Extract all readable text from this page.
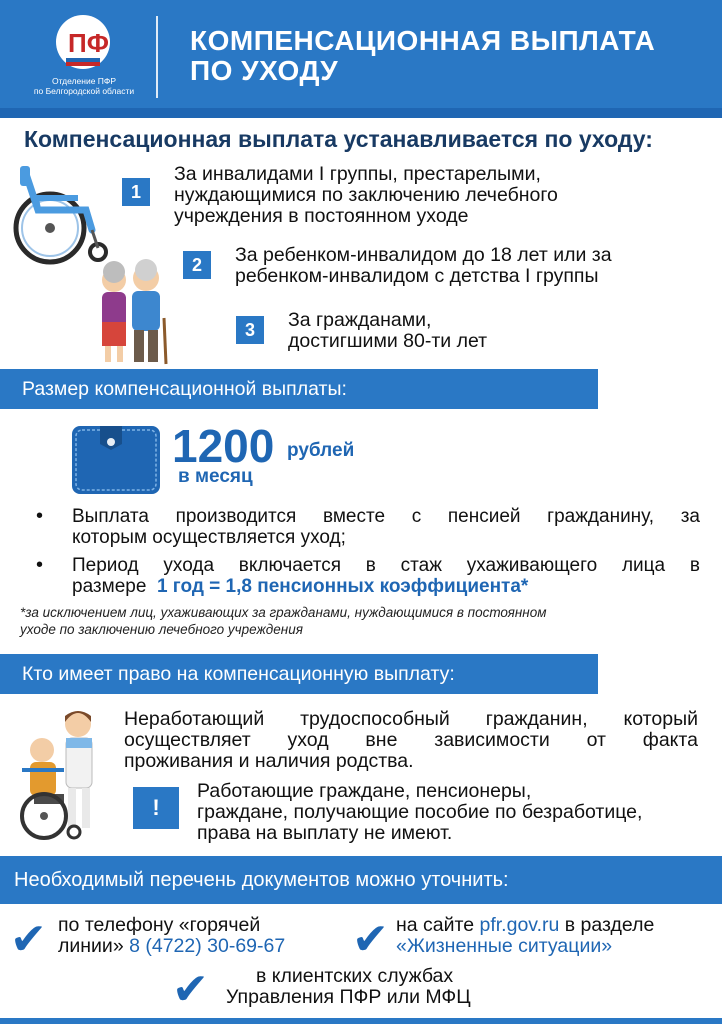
ПФ
Отделение ПФР
по Белгородской области
КОМПЕНСАЦИОННАЯ ВЫПЛАТА
ПО УХОДУ
Компенсационная выплата устанавливается по уходу:
1
За инвалидами I группы, престарелыми,
нуждающимися по заключению лечебного
учреждения в постоянном уходе
2	За ребенком-инвалидом до 18 лет или за
ребенком-инвалидом с детства I группы
3	За гражданами,
достигшими 80-ти лет
Размер компенсационной выплаты:
1200 рублей
в месяц
• Выплата производится вместе с пенсией гражданину, за
которым осуществляется уход;
• Период ухода включается в стаж ухаживающего лица в
размере  1 год = 1,8 пенсионных коэффициента*
*за исключением лиц, ухаживающих за гражданами, нуждающимися в постоянном
уходе по заключению лечебного учреждения
Кто имеет право на компенсационную выплату:
Неработающий трудоспособный гражданин, который
осуществляет уход вне зависимости от факта
проживания и наличия родства.
!
Работающие граждане, пенсионеры,
граждане, получающие пособие по безработице,
права на выплату не имеют.
Необходимый перечень документов можно уточнить:
✔ по телефону «горячей
линии» 8 (4722) 30-69-67	✔ на сайте pfr.gov.ru в разделе
«Жизненные ситуации»
✔	в клиентских службах
Управления ПФР или МФЦ
